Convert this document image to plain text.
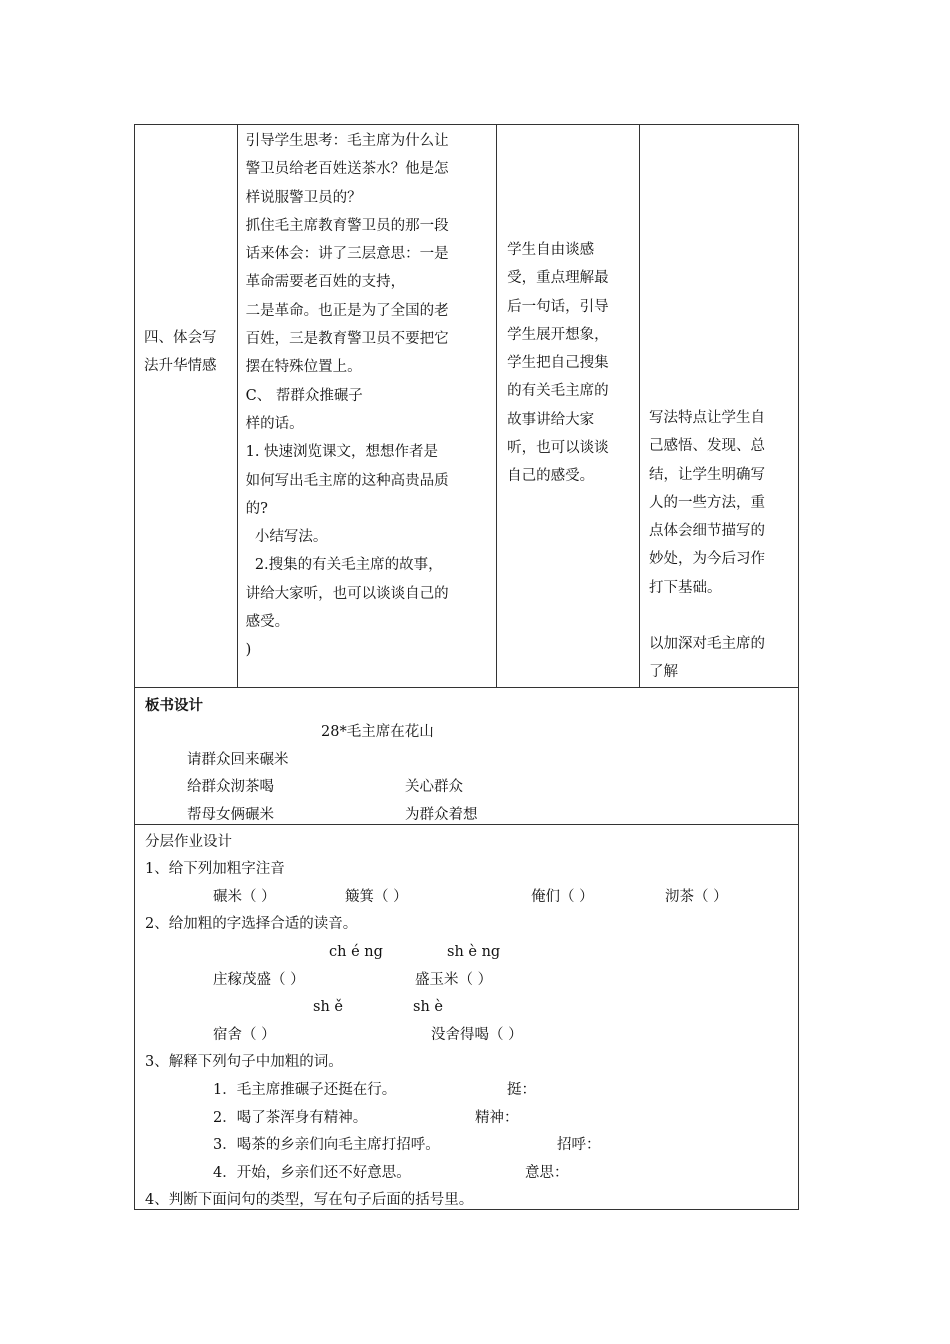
四、体会写
法升华情感

引导学生思考：毛主席为什么让
警卫员给老百姓送茶水？他是怎
样说服警卫员的？
抓住毛主席教育警卫员的那一段
话来体会：讲了三层意思：一是
革命需要老百姓的支持，
二是革命。也正是为了全国的老
百姓，三是教育警卫员不要把它
摆在特殊位置上。
C、 帮群众推碾子
样的话。
1. 快速浏览课文，想想作者是
如何写出毛主席的这种高贵品质
的?
小结写法。
2.搜集的有关毛主席的故事，
讲给大家听，也可以谈谈自己的
感受。
)

学生自由谈感
受，重点理解最
后一句话，引导
学生展开想象，
学生把自己搜集
的有关毛主席的
故事讲给大家
听，也可以谈谈
自己的感受。

写法特点让学生自
己感悟、发现、总
结，让学生明确写
人的一些方法，重
点体会细节描写的
妙处，为今后习作
打下基础。
以加深对毛主席的
了解

板书设计
28*毛主席在花山
请群众回来碾米
给群众沏茶喝	关心群众
帮母女俩碾米	为群众着想

分层作业设计
1、给下列加粗字注音
碾米（ ）	簸箕（ ）	俺们（ ）	沏茶（ ）
2、给加粗的字选择合适的读音。
ch é ng	sh è ng
庄稼茂盛（ ）	盛玉米（ ）
sh ě	sh è
宿舍（ ）	没舍得喝（ ）
3、解释下列句子中加粗的词。
1．毛主席推碾子还挺在行。	挺：
2．喝了茶浑身有精神。	精神：
3．喝茶的乡亲们向毛主席打招呼。	招呼：
4．开始，乡亲们还不好意思。	意思：
4、判断下面问句的类型，写在句子后面的括号里。
